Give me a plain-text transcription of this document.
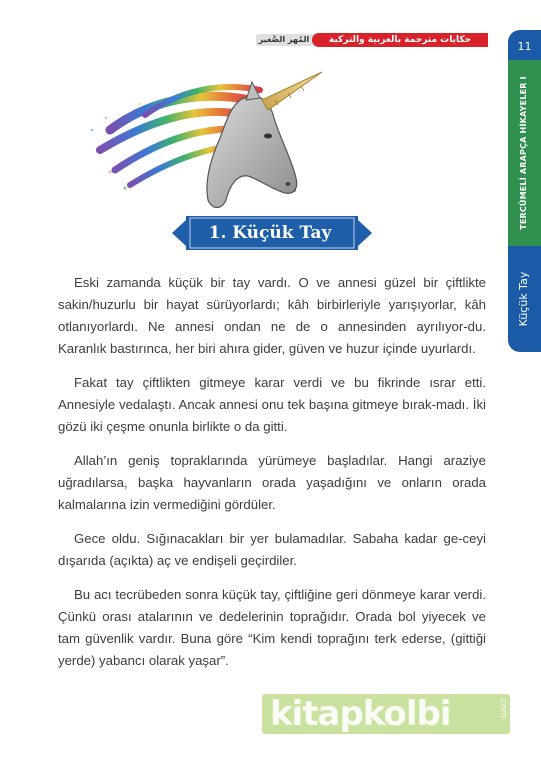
المُهر الصَّغير	حكايات مترجمة بالعربية والتركية	11
TERCÜMELİ ARAPÇA HİKAYELER I
Küçük Tay
1. Küçük Tay

Eski zamanda küçük bir tay vardı. O ve annesi güzel bir çiftlikte sakin/huzurlu bir hayat sürüyorlardı; kâh birbirleriyle yarışıyorlar, kâh otlanıyorlardı. Ne annesi ondan ne de o annesinden ayrılıyor-du. Karanlık bastırınca, her biri ahıra gider, güven ve huzur içinde uyurlardı.

Fakat tay çiftlikten gitmeye karar verdi ve bu fikrinde ısrar etti. Annesiyle vedalaştı. Ancak annesi onu tek başına gitmeye bırak-madı. İki gözü iki çeşme onunla birlikte o da gitti.

Allah’ın geniş topraklarında yürümeye başladılar. Hangi araziye uğradılarsa, başka hayvanların orada yaşadığını ve onların orada kalmalarına izin vermediğini gördüler.

Gece oldu. Sığınacakları bir yer bulamadılar. Sabaha kadar ge-ceyi dışarıda (açıkta) aç ve endişeli geçirdiler.

Bu acı tecrübeden sonra küçük tay, çiftliğine geri dönmeye karar verdi. Çünkü orası atalarının ve dedelerinin toprağıdır. Orada bol yiyecek ve tam güvenlik vardır. Buna göre “Kim kendi toprağını terk ederse, (gittiği yerde) yabancı olarak yaşar”.

kitapkolbi	.com
